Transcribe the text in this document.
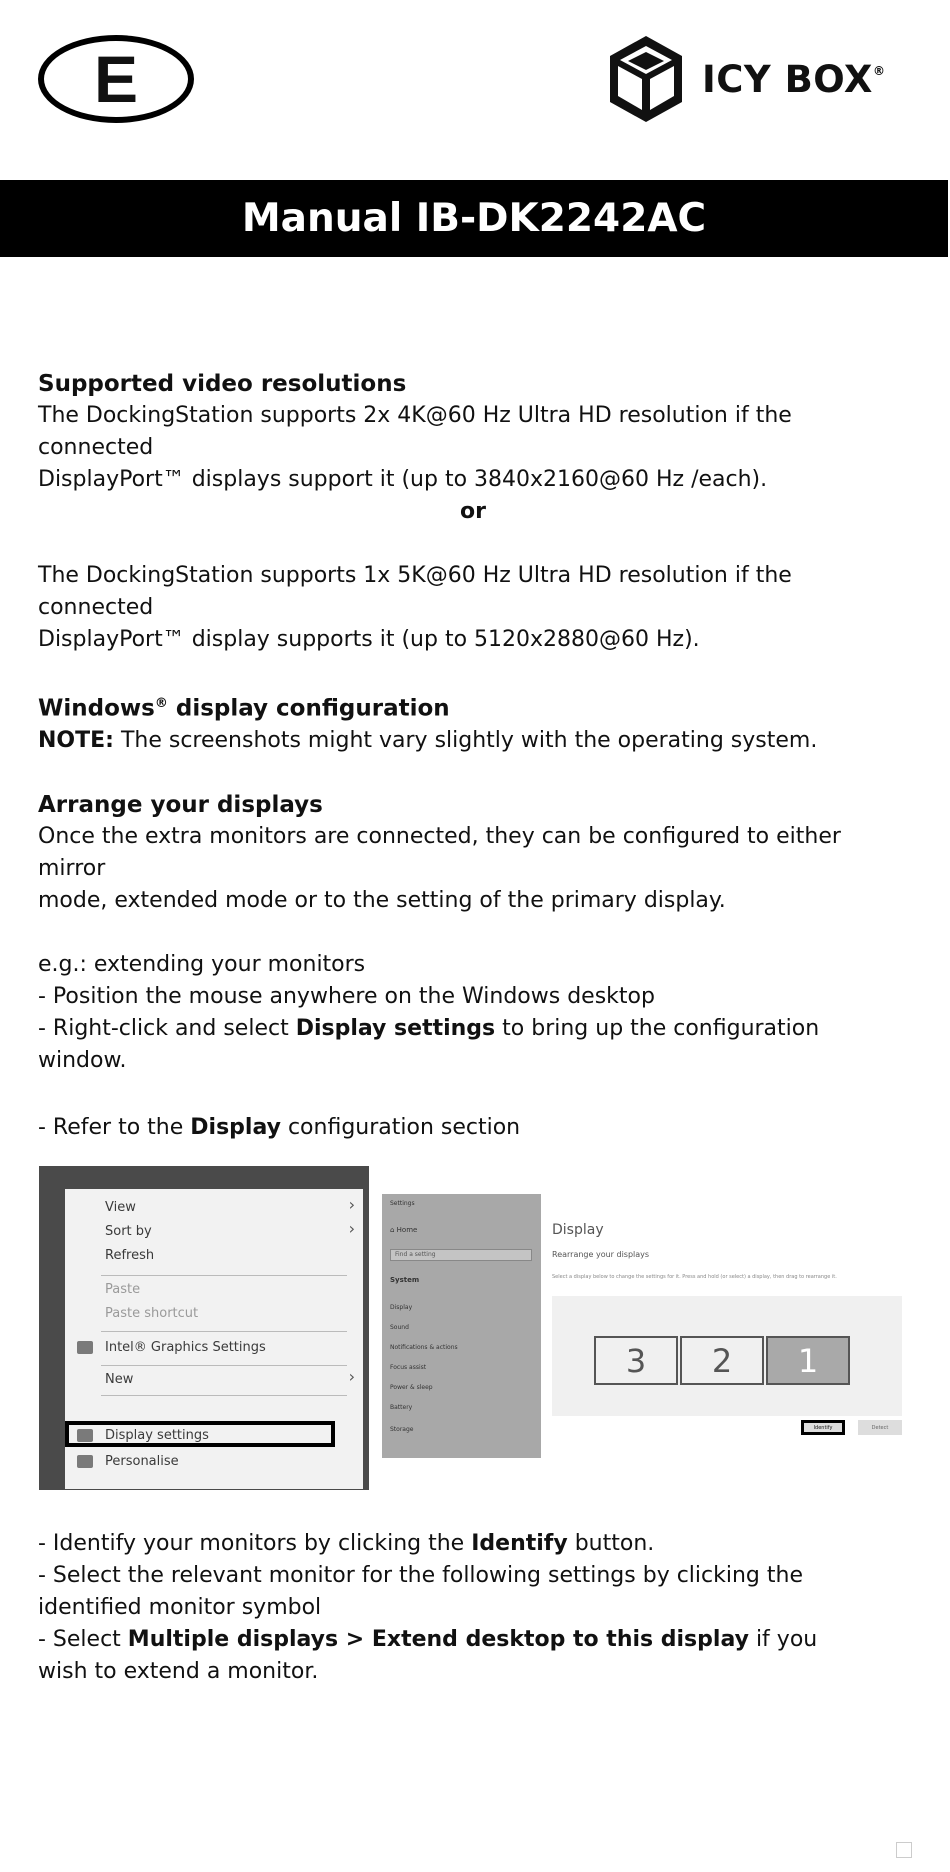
E	ICY BOX®
Manual IB-DK2242AC

Supported video resolutions

The DockingStation supports 2x 4K@60 Hz Ultra HD resolution if the connected

DisplayPort™ displays support it (up to 3840x2160@60 Hz /each).

or

The DockingStation supports 1x 5K@60 Hz Ultra HD resolution if the connected

DisplayPort™ display supports it (up to 5120x2880@60 Hz).

Windows® display configuration

NOTE: The screenshots might vary slightly with the operating system.

Arrange your displays

Once the extra monitors are connected, they can be configured to either mirror

mode, extended mode or to the setting of the primary display.

e.g.: extending your monitors

- Position the mouse anywhere on the Windows desktop

- Right-click and select Display settings to bring up the configuration

window.

- Refer to the Display configuration section
View	›
Sort by	›
Refresh
Paste
Paste shortcut
Intel® Graphics Settings
New	›
Display settings
Personalise
Settings
⌂ Home
Find a setting
System
Display
Sound
Notifications & actions
Focus assist
Power & sleep
Battery
Storage
Display
Rearrange your displays
Select a display below to change the settings for it. Press and hold (or select) a display, then drag to rearrange it.
3	2	1
Identify	Detect

- Identify your monitors by clicking the Identify button.

- Select the relevant monitor for the following settings by clicking the

identified monitor symbol

- Select Multiple displays > Extend desktop to this display if you

wish to extend a monitor.
